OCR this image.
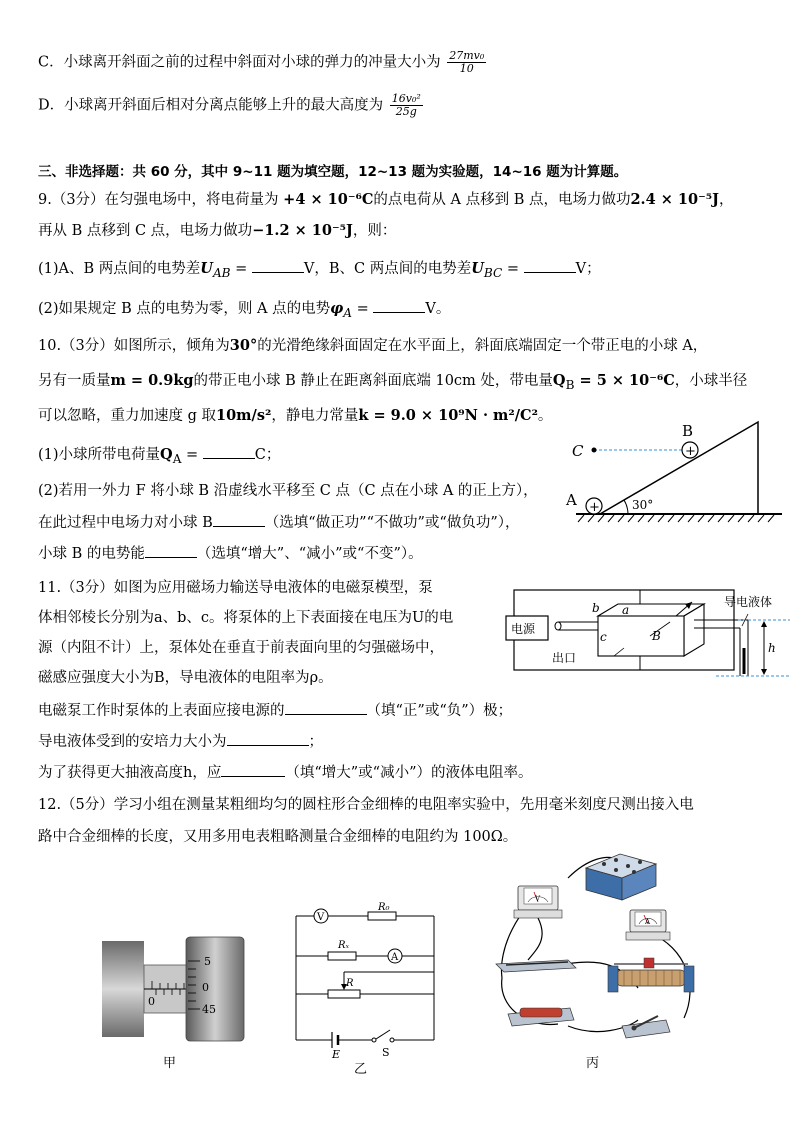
C．小球离开斜面之前的过程中斜面对小球的弹力的冲量大小为 $\frac{\text{27mv₀}}{10}$
D．小球离开斜面后相对分离点能够上升的最大高度为 $\frac{\text{16v₀²}}{25g}$
三、非选择题：共 60 分，其中 9~11 题为填空题，12~13 题为实验题，14~16 题为计算题。
9.（3分）在匀强电场中，将电荷量为 +4 × 10⁻⁶C的点电荷从 A 点移到 B 点，电场力做功2.4 × 10⁻⁵J，
再从 B 点移到 C 点，电场力做功−1.2 × 10⁻⁵J，则：
(1)A、B 两点间的电势差$U_{AB}$ =	V，B、C 两点间的电势差$U_{BC}$ =	V；
(2)如果规定 B 点的电势为零，则 A 点的电势$\varphi_A$ =	V。
10.（3分）如图所示，倾角为30°的光滑绝缘斜面固定在水平面上，斜面底端固定一个带正电的小球 A，
另有一质量m = 0.9kg的带正电小球 B 静止在距离斜面底端 10cm 处，带电量$Q_B = 5 \times 10^{-6}C$，小球半径
可以忽略，重力加速度 g 取10m/s²，静电力常量k = 9.0 × 10⁹N · m²/C²。
(1)小球所带电荷量$Q_A$ =	C；
(2)若用一外力 F 将小球 B 沿虚线水平移至 C 点（C 点在小球 A 的正上方），
在此过程中电场力对小球 B	（选填“做正功”“不做功”或“做负功”），
小球 B 的电势能	（选填“增大”、“减小”或“不变”）。
30°
+
A
C	+
B
11.（3分）如图为应用磁场力输送导电液体的电磁泵模型，泵
体相邻棱长分别为a、b、c。将泵体的上下表面接在电压为U的电
源（内阻不计）上，泵体处在垂直于前表面向里的匀强磁场中，
磁感应强度大小为B，导电液体的电阻率为ρ。
电磁泵工作时泵体的上表面应接电源的	（填“正”或“负”）极；
导电液体受到的安培力大小为	；
为了获得更大抽液高度h，应	（填“增大”或“减小”）的液体电阻率。
电源
h
导电液体
b a
c	B
出口
12.（5分）学习小组在测量某粗细均匀的圆柱形合金细棒的电阻率实验中，先用毫米刻度尺测出接入电
路中合金细棒的长度，又用多用电表粗略测量合金细棒的电阻约为 100Ω。
0
5
0
45
甲
V
R₀
Rₓ
A
R
E	S
乙
V
A
丙
